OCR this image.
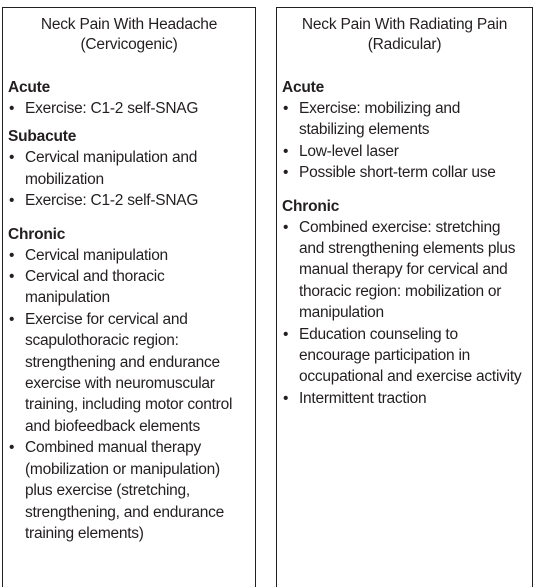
Neck Pain With Headache
(Cervicogenic)
Acute
• Exercise: C1-2 self-SNAG
Subacute
• Cervical manipulation and mobilization
• Exercise: C1-2 self-SNAG
Chronic
• Cervical manipulation
• Cervical and thoracic manipulation
• Exercise for cervical and scapulothoracic region: strengthening and endurance exercise with neuromuscular training, including motor control and biofeedback elements
• Combined manual therapy (mobilization or manipulation) plus exercise (stretching, strengthening, and endurance training elements)
Neck Pain With Radiating Pain
(Radicular)
Acute
• Exercise: mobilizing and stabilizing elements
• Low-level laser
• Possible short-term collar use
Chronic
• Combined exercise: stretching and strengthening elements plus manual therapy for cervical and thoracic region: mobilization or manipulation
• Education counseling to encourage participation in occupational and exercise activity
• Intermittent traction
